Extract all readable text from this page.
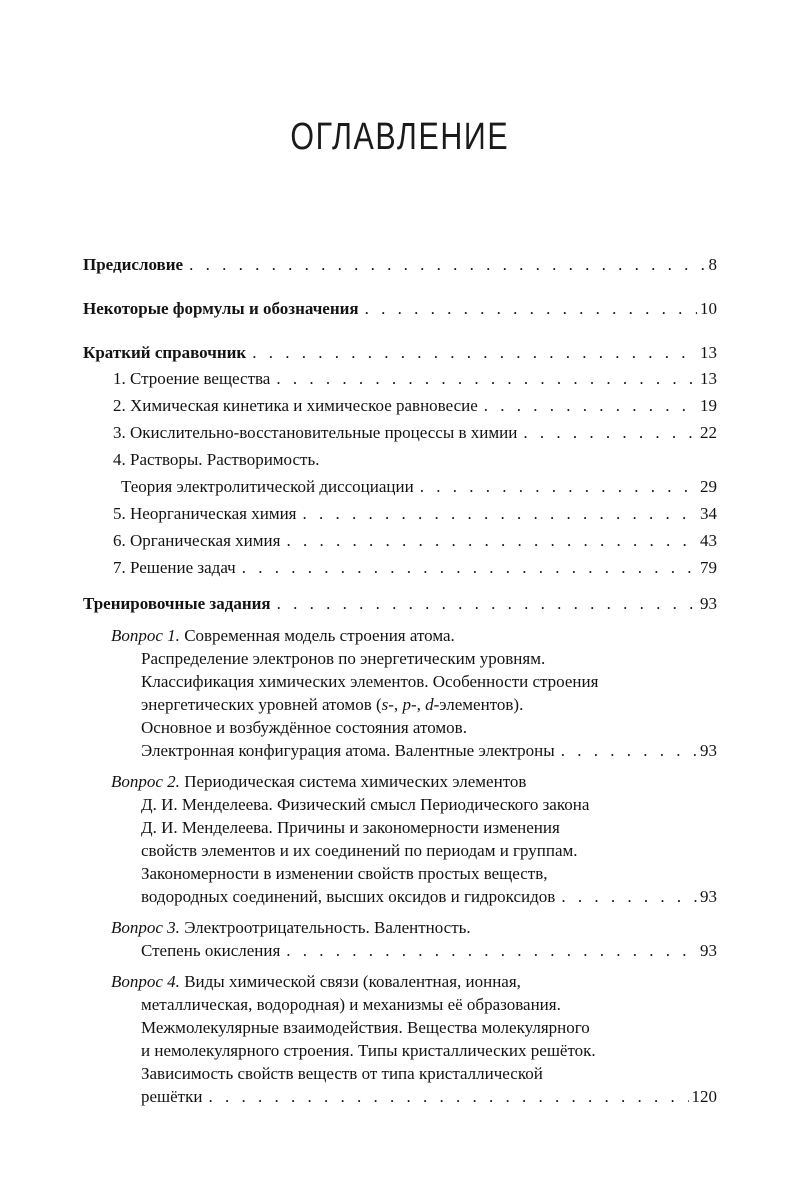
ОГЛАВЛЕНИЕ
Предисловие . . .	8
Некоторые формулы и обозначения . . .	10
Краткий справочник . . .	13
1. Строение вещества . . .	13
2. Химическая кинетика и химическое равновесие . . .	19
3. Окислительно-восстановительные процессы в химии . . .	22
4. Растворы. Растворимость.
Теория электролитической диссоциации . . .	29
5. Неорганическая химия . . .	34
6. Органическая химия . . .	43
7. Решение задач . . .	79
Тренировочные задания . . .	93
Вопрос 1. Современная модель строения атома.
Распределение электронов по энергетическим уровням.
Классификация химических элементов. Особенности строения
энергетических уровней атомов (s-, p-, d-элементов).
Основное и возбуждённое состояния атомов.
Электронная конфигурация атома. Валентные электроны . . .	93
Вопрос 2. Периодическая система химических элементов
Д. И. Менделеева. Физический смысл Периодического закона
Д. И. Менделеева. Причины и закономерности изменения
свойств элементов и их соединений по периодам и группам.
Закономерности в изменении свойств простых веществ,
водородных соединений, высших оксидов и гидроксидов . . .	93
Вопрос 3. Электроотрицательность. Валентность.
Степень окисления . . .	93
Вопрос 4. Виды химической связи (ковалентная, ионная,
металлическая, водородная) и механизмы её образования.
Межмолекулярные взаимодействия. Вещества молекулярного
и немолекулярного строения. Типы кристаллических решёток.
Зависимость свойств веществ от типа кристаллической
решётки . . .	120
